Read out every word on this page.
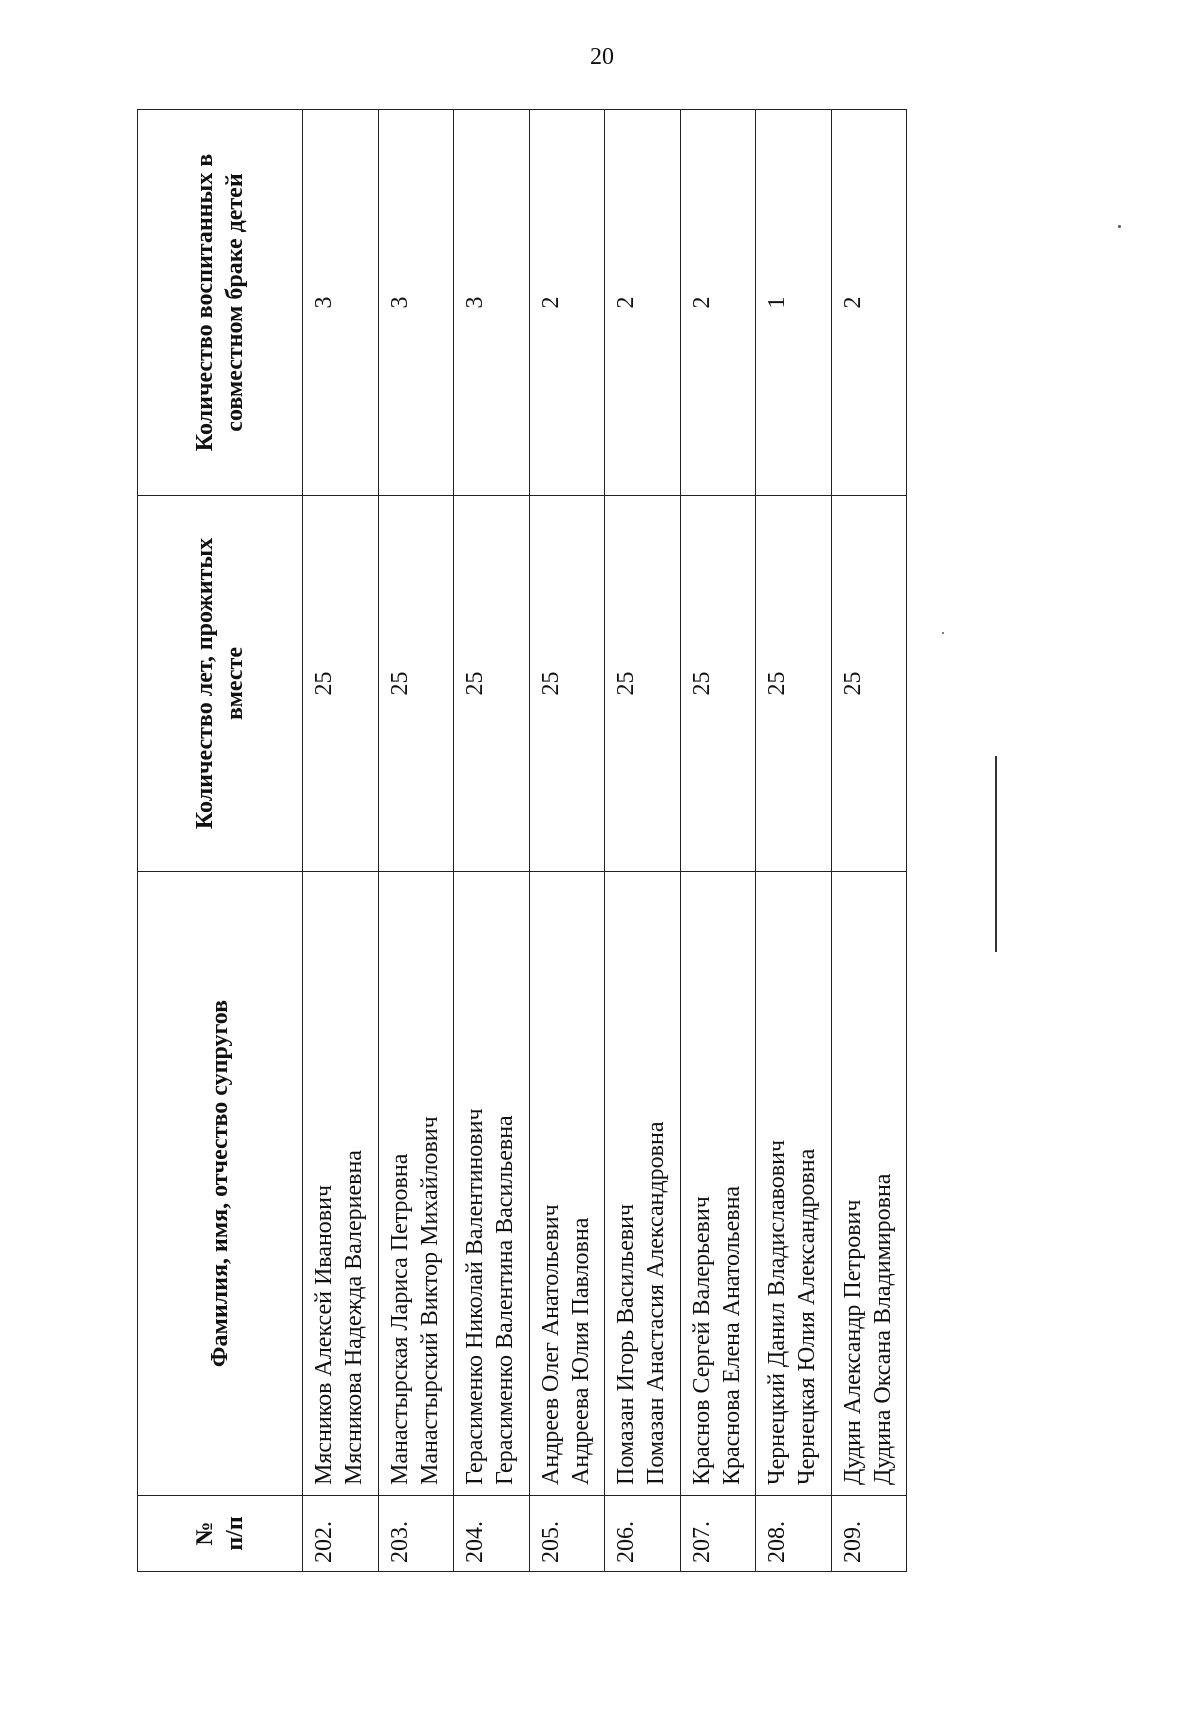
20
№ п/п	Фамилия, имя, отчество супругов	Количество лет, прожитых вместе	Количество воспитанных в совместном браке детей
202.	Мясников Алексей Иванович Мясникова Надежда Валериевна	25	3
203.	Манастырская Лариса Петровна Манастырский Виктор Михайлович	25	3
204.	Герасименко Николай Валентинович Герасименко Валентина Васильевна	25	3
205.	Андреев Олег Анатольевич Андреева Юлия Павловна	25	2
206.	Помазан Игорь Васильевич Помазан Анастасия Александровна	25	2
207.	Краснов Сергей Валерьевич Краснова Елена Анатольевна	25	2
208.	Чернецкий Данил Владиславович Чернецкая Юлия Александровна	25	1
209.	Дудин Александр Петрович Дудина Оксана Владимировна	25	2
